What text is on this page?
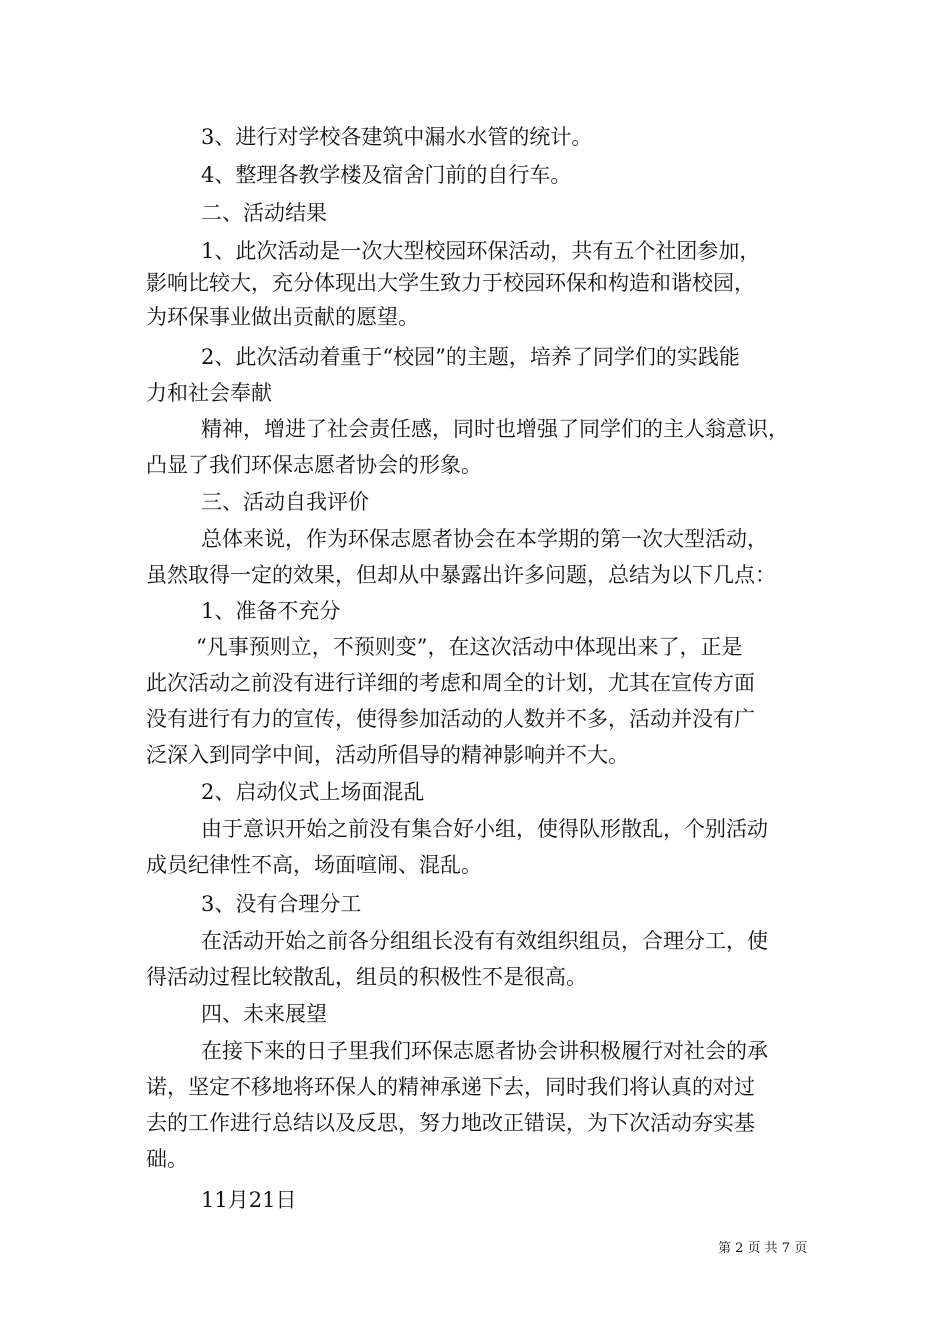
3、进行对学校各建筑中漏水水管的统计。
4、整理各教学楼及宿舍门前的自行车。
二、活动结果
1、此次活动是一次大型校园环保活动，共有五个社团参加，
影响比较大，充分体现出大学生致力于校园环保和构造和谐校园，
为环保事业做出贡献的愿望。
2、此次活动着重于“校园”的主题，培养了同学们的实践能
力和社会奉献
精神，增进了社会责任感，同时也增强了同学们的主人翁意识，
凸显了我们环保志愿者协会的形象。
三、活动自我评价
总体来说，作为环保志愿者协会在本学期的第一次大型活动，
虽然取得一定的效果，但却从中暴露出许多问题，总结为以下几点：
1、准备不充分
“凡事预则立，不预则变”，在这次活动中体现出来了，正是
此次活动之前没有进行详细的考虑和周全的计划，尤其在宣传方面
没有进行有力的宣传，使得参加活动的人数并不多，活动并没有广
泛深入到同学中间，活动所倡导的精神影响并不大。
2、启动仪式上场面混乱
由于意识开始之前没有集合好小组，使得队形散乱，个别活动
成员纪律性不高，场面喧闹、混乱。
3、没有合理分工
在活动开始之前各分组组长没有有效组织组员，合理分工，使
得活动过程比较散乱，组员的积极性不是很高。
四、未来展望
在接下来的日子里我们环保志愿者协会讲积极履行对社会的承
诺，坚定不移地将环保人的精神承递下去，同时我们将认真的对过
去的工作进行总结以及反思，努力地改正错误，为下次活动夯实基
础。
11月21日
第 2 页 共 7 页
